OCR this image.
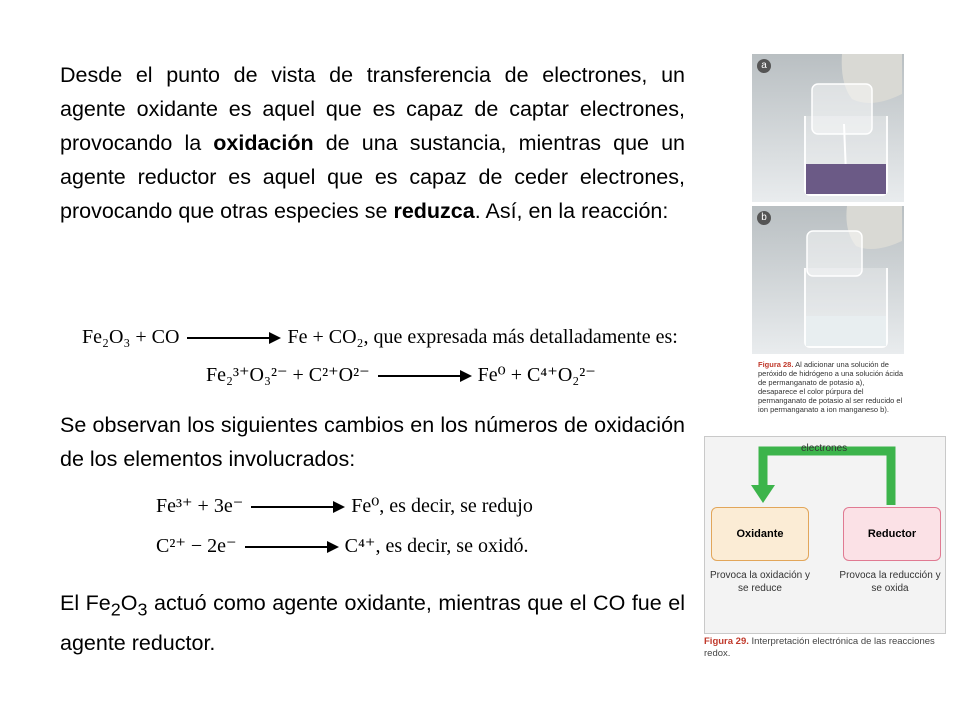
Desde el punto de vista de transferencia de electrones, un agente oxidante es aquel que es capaz de captar electrones, provocando la oxidación de una sustancia, mientras que un agente reductor es aquel que es capaz de ceder electrones, provocando que otras especies se reduzca. Así, en la reacción:
Fe₂O₃ + CO	Fe + CO₂, que expresada más detalladamente es:
Fe₂³⁺O₃²⁻ + C²⁺O²⁻	Fe⁰ + C⁴⁺O₂²⁻
Se observan los siguientes cambios en los números de oxidación de los elementos involucrados:
Fe³⁺ + 3e⁻	Fe⁰, es decir, se redujo
C²⁺ − 2e⁻	C⁴⁺, es decir, se oxidó.
El $Fe_2O_3$ actuó como agente oxidante, mientras que el CO fue el agente reductor.
a
b
Figura 28. Al adicionar una solución de peróxido de hidrógeno a una solución ácida de permanganato de potasio a), desaparece el color púrpura del permanganato de potasio al ser reducido el ion permanganato a ion manganeso b).
electrones
Oxidante	Reductor
Provoca la oxidación y se reduce
Provoca la reducción y se oxida
Figura 29. Interpretación electrónica de las reacciones redox.
